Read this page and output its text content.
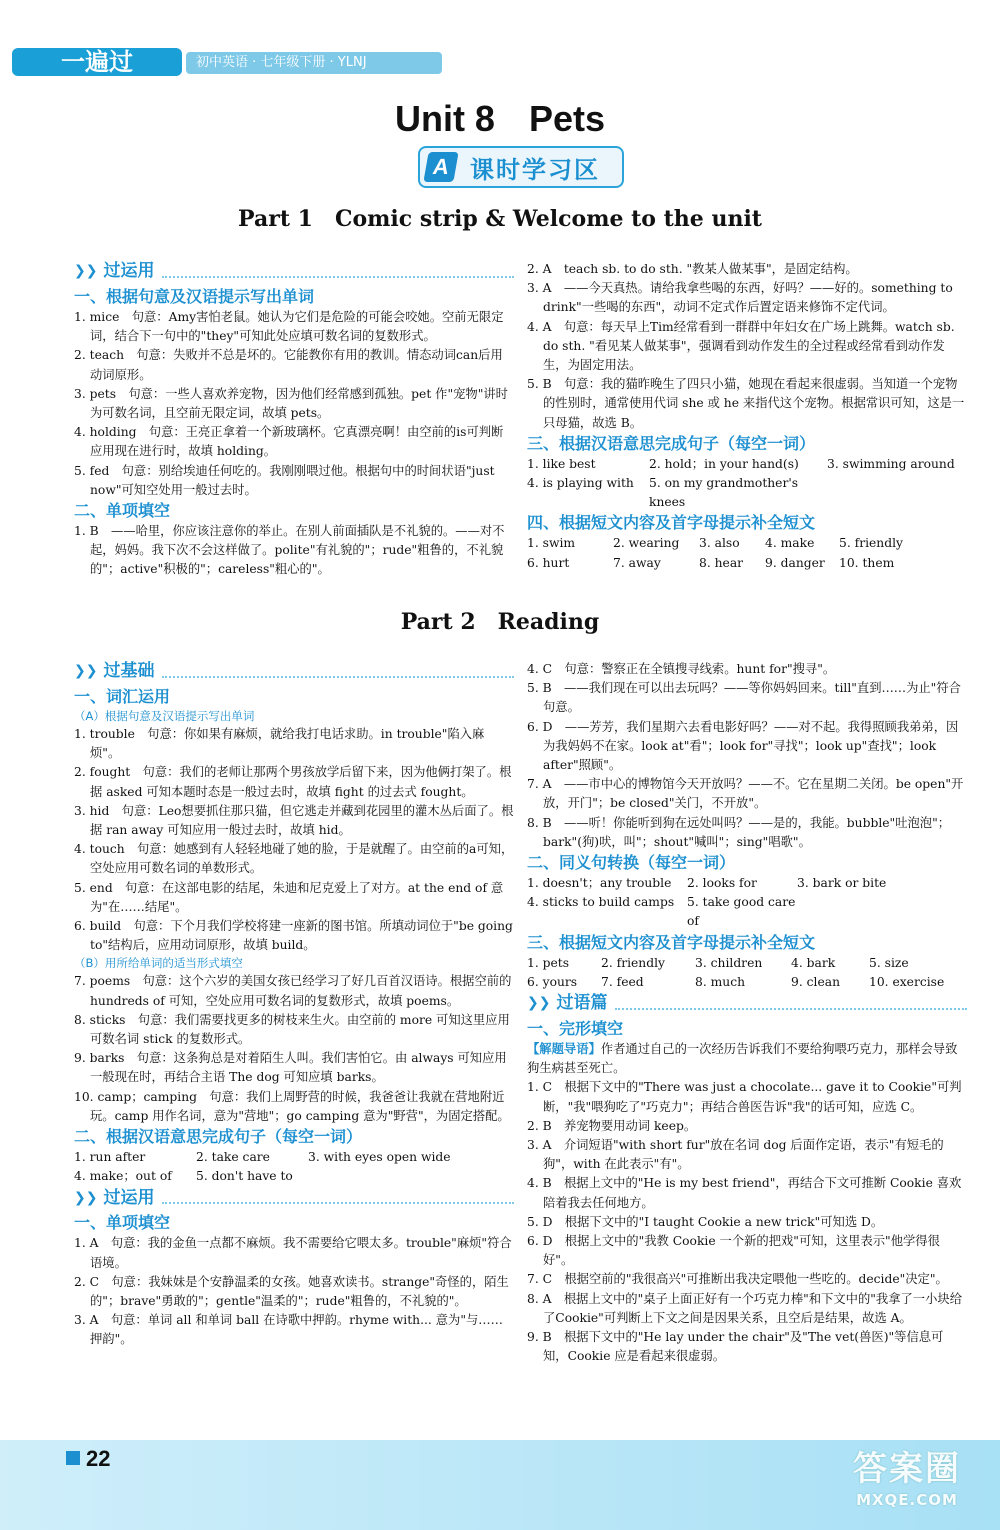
一遍过	初中英语 · 七年级下册 · YLNJ
Unit 8 Pets
A 课时学习区
Part 1　Comic strip & Welcome to the unit
❯❯ 过运用
一、根据句意及汉语提示写出单词

1. mice　句意：Amy害怕老鼠。她认为它们是危险的可能会咬她。空前无限定词，结合下一句中的"they"可知此处应填可数名词的复数形式。

2. teach　句意：失败并不总是坏的。它能教你有用的教训。情态动词can后用动词原形。

3. pets　句意：一些人喜欢养宠物，因为他们经常感到孤独。pet 作"宠物"讲时为可数名词，且空前无限定词，故填 pets。

4. holding　句意：王亮正拿着一个新玻璃杯。它真漂亮啊！由空前的is可判断应用现在进行时，故填 holding。

5. fed　句意：别给埃迪任何吃的。我刚刚喂过他。根据句中的时间状语"just now"可知空处用一般过去时。

二、单项填空

1. B　——哈里，你应该注意你的举止。在别人前面插队是不礼貌的。——对不起，妈妈。我下次不会这样做了。polite"有礼貌的"；rude"粗鲁的，不礼貌的"；active"积极的"；careless"粗心的"。

2. A　teach sb. to do sth. "教某人做某事"，是固定结构。

3. A　——今天真热。请给我拿些喝的东西，好吗？——好的。something to drink"一些喝的东西"，动词不定式作后置定语来修饰不定代词。

4. A　句意：每天早上Tim经常看到一群群中年妇女在广场上跳舞。watch sb. do sth. "看见某人做某事"，强调看到动作发生的全过程或经常看到动作发生，为固定用法。

5. B　句意：我的猫昨晚生了四只小猫，她现在看起来很虚弱。当知道一个宠物的性别时，通常使用代词 she 或 he 来指代这个宠物。根据常识可知，这是一只母猫，故选 B。

三、根据汉语意思完成句子（每空一词）
1. like best	2. hold；in your hand(s)	3. swimming around
4. is playing with	5. on my grandmother's knees
四、根据短文内容及首字母提示补全短文
1. swim	2. wearing	3. also	4. make	5. friendly
6. hurt	7. away	8. hear	9. danger	10. them
Part 2　Reading
❯❯ 过基础
一、词汇运用
（A）根据句意及汉语提示写出单词

1. trouble　句意：你如果有麻烦，就给我打电话求助。in trouble"陷入麻烦"。

2. fought　句意：我们的老师让那两个男孩放学后留下来，因为他俩打架了。根据 asked 可知本题时态是一般过去时，故填 fight 的过去式 fought。

3. hid　句意：Leo想要抓住那只猫，但它逃走并藏到花园里的灌木丛后面了。根据 ran away 可知应用一般过去时，故填 hid。

4. touch　句意：她感到有人轻轻地碰了她的脸，于是就醒了。由空前的a可知，空处应用可数名词的单数形式。

5. end　句意：在这部电影的结尾，朱迪和尼克爱上了对方。at the end of 意为"在……结尾"。

6. build　句意：下个月我们学校将建一座新的图书馆。所填动词位于"be going to"结构后，应用动词原形，故填 build。

（B）用所给单词的适当形式填空

7. poems　句意：这个六岁的美国女孩已经学习了好几百首汉语诗。根据空前的 hundreds of 可知，空处应用可数名词的复数形式，故填 poems。

8. sticks　句意：我们需要找更多的树枝来生火。由空前的 more 可知这里应用可数名词 stick 的复数形式。

9. barks　句意：这条狗总是对着陌生人叫。我们害怕它。由 always 可知应用一般现在时，再结合主语 The dog 可知应填 barks。

10. camp；camping　句意：我们上周野营的时候，我爸爸让我就在营地附近玩。camp 用作名词，意为"营地"；go camping 意为"野营"，为固定搭配。

二、根据汉语意思完成句子（每空一词）
1. run after	2. take care	3. with eyes open wide
4. make；out of	5. don't have to
❯❯ 过运用
一、单项填空

1. A　句意：我的金鱼一点都不麻烦。我不需要给它喂太多。trouble"麻烦"符合语境。

2. C　句意：我妹妹是个安静温柔的女孩。她喜欢读书。strange"奇怪的，陌生的"；brave"勇敢的"；gentle"温柔的"；rude"粗鲁的，不礼貌的"。

3. A　句意：单词 all 和单词 ball 在诗歌中押韵。rhyme with... 意为"与……押韵"。

4. C　句意：警察正在全镇搜寻线索。hunt for"搜寻"。

5. B　——我们现在可以出去玩吗？——等你妈妈回来。till"直到……为止"符合句意。

6. D　——芳芳，我们星期六去看电影好吗？——对不起。我得照顾我弟弟，因为我妈妈不在家。look at"看"；look for"寻找"；look up"查找"；look after"照顾"。

7. A　——市中心的博物馆今天开放吗？——不。它在星期二关闭。be open"开放，开门"；be closed"关门，不开放"。

8. B　——听！你能听到狗在远处叫吗？——是的，我能。bubble"吐泡泡"；bark"(狗)吠，叫"；shout"喊叫"；sing"唱歌"。

二、同义句转换（每空一词）
1. doesn't；any trouble	2. looks for	3. bark or bite
4. sticks to build camps	5. take good care of
三、根据短文内容及首字母提示补全短文
1. pets	2. friendly	3. children	4. bark	5. size
6. yours	7. feed	8. much	9. clean	10. exercise
❯❯ 过语篇
一、完形填空

【解题导语】作者通过自己的一次经历告诉我们不要给狗喂巧克力，那样会导致狗生病甚至死亡。

1. C　根据下文中的"There was just a chocolate... gave it to Cookie"可判断，"我"喂狗吃了"巧克力"；再结合兽医告诉"我"的话可知，应选 C。

2. B　养宠物要用动词 keep。

3. A　介词短语"with short fur"放在名词 dog 后面作定语，表示"有短毛的狗"，with 在此表示"有"。

4. B　根据上文中的"He is my best friend"，再结合下文可推断 Cookie 喜欢陪着我去任何地方。

5. D　根据下文中的"I taught Cookie a new trick"可知选 D。

6. D　根据上文中的"我教 Cookie 一个新的把戏"可知，这里表示"他学得很好"。

7. C　根据空前的"我很高兴"可推断出我决定喂他一些吃的。decide"决定"。

8. A　根据上文中的"桌子上面正好有一个巧克力棒"和下文中的"我拿了一小块给了Cookie"可判断上下文之间是因果关系，且空后是结果，故选 A。

9. B　根据下文中的"He lay under the chair"及"The vet(兽医)"等信息可知，Cookie 应是看起来很虚弱。

22	答案圈
MXQE.COM
